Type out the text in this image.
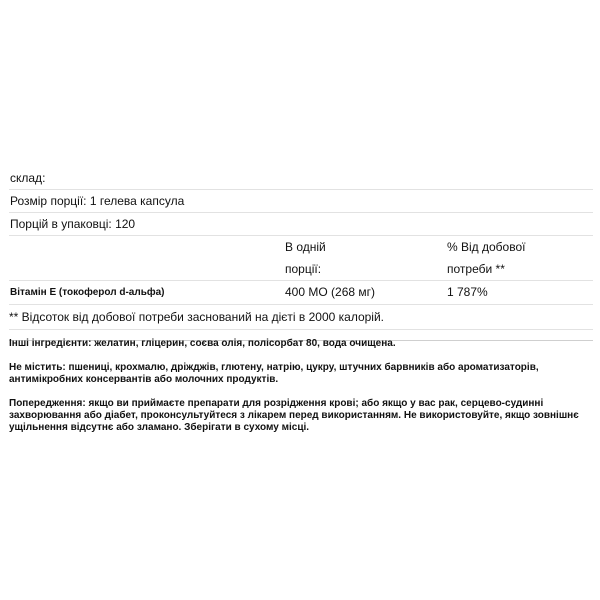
склад:
Розмір порції: 1 гелева капсула
Порцій в упаковці: 120
В одній
порції:
% Від добової
потреби **
Вітамін Е (токоферол d-альфа)	400 МО (268 мг)	1 787%
** Відсоток від добової потреби заснований на дієті в 2000 калорій.

Інші інгредієнти: желатин, гліцерин, соєва олія, полісорбат 80, вода очищена.

Не містить: пшениці, крохмалю, дріжджів, глютену, натрію, цукру, штучних барвників або ароматизаторів, антимікробних консервантів або молочних продуктів.

Попередження: якщо ви приймаєте препарати для розрідження крові; або якщо у вас рак, серцево-судинні захворювання або діабет, проконсультуйтеся з лікарем перед використанням. Не використовуйте, якщо зовнішнє ущільнення відсутнє або зламано. Зберігати в сухому місці.
